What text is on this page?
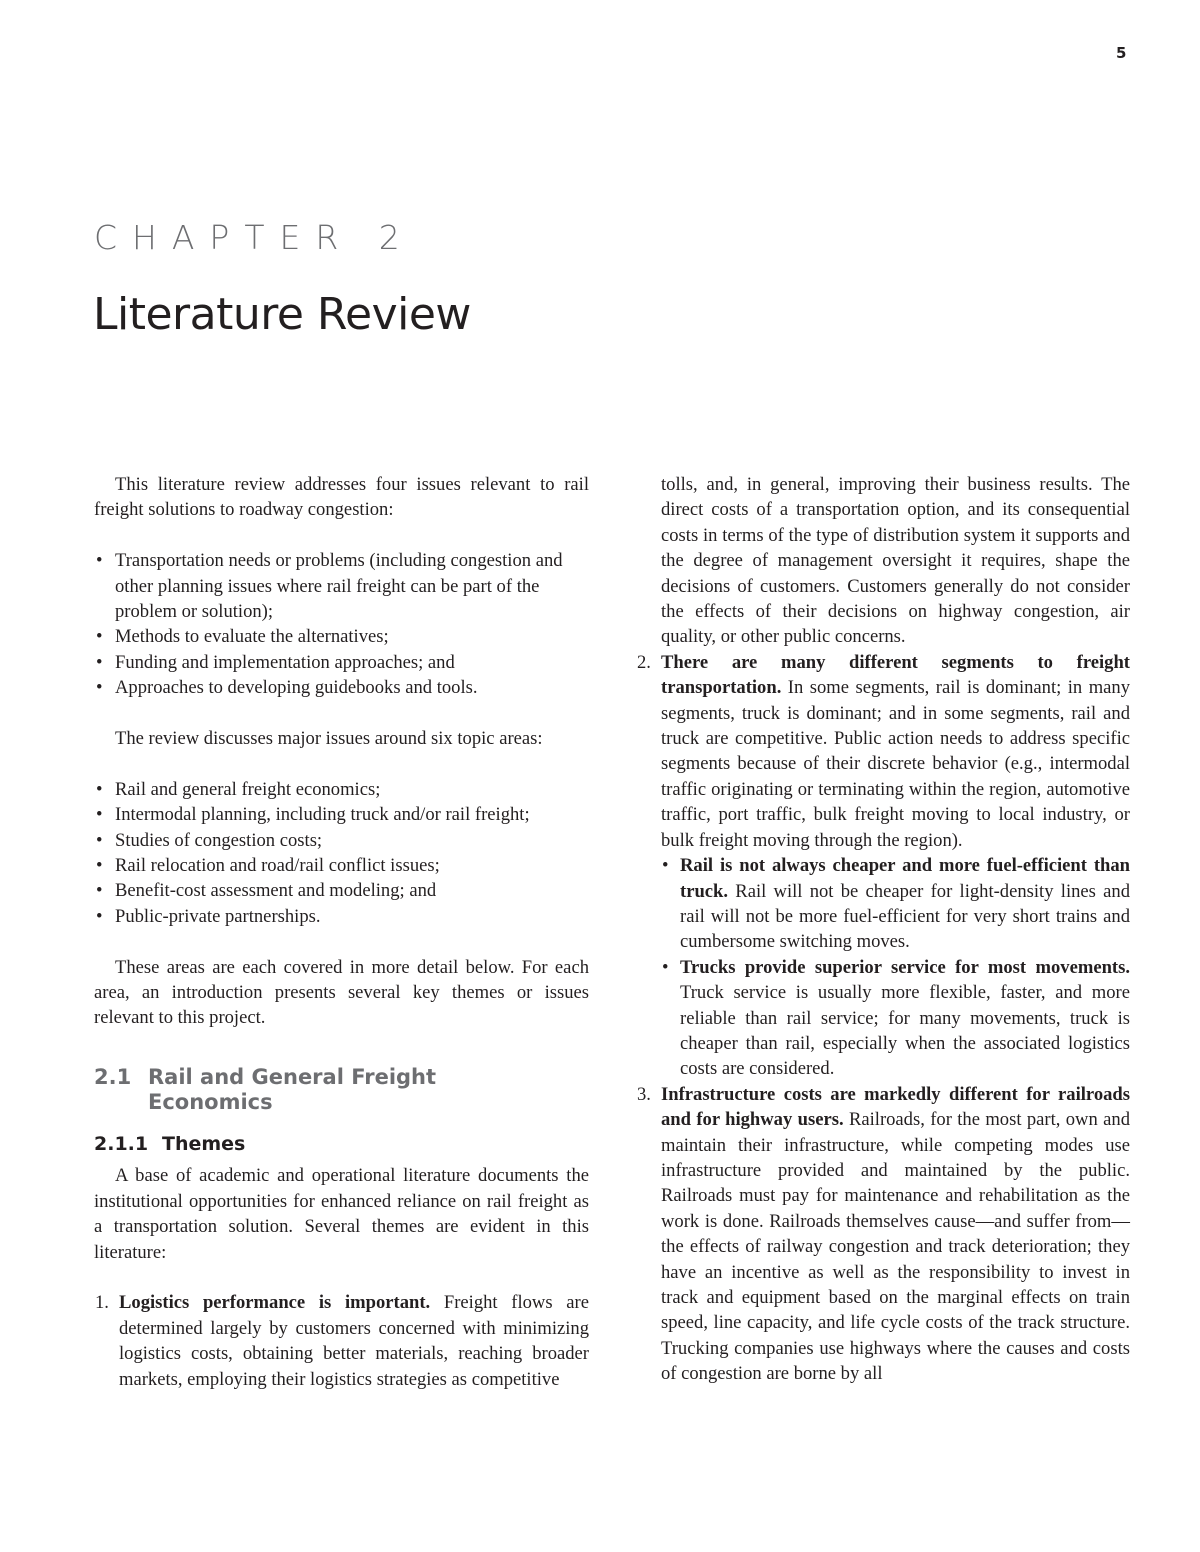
5
CHAPTER 2
Literature Review

This literature review addresses four issues relevant to rail freight solutions to roadway congestion:

• Transportation needs or problems (including congestion and other planning issues where rail freight can be part of the problem or solution);
• Methods to evaluate the alternatives;
• Funding and implementation approaches; and
• Approaches to developing guidebooks and tools.

The review discusses major issues around six topic areas:

• Rail and general freight economics;
• Intermodal planning, including truck and/or rail freight;
• Studies of congestion costs;
• Rail relocation and road/rail conflict issues;
• Benefit-cost assessment and modeling; and
• Public-private partnerships.

These areas are each covered in more detail below. For each area, an introduction presents several key themes or issues relevant to this project.

2.1 Rail and General Freight Economics
2.1.1 Themes

A base of academic and operational literature documents the institutional opportunities for enhanced reliance on rail freight as a transportation solution. Several themes are evident in this literature:

1. Logistics performance is important. Freight flows are determined largely by customers concerned with minimizing logistics costs, obtaining better materials, reaching broader markets, employing their logistics strategies as competitive

tolls, and, in general, improving their business results. The direct costs of a transportation option, and its consequential costs in terms of the type of distribution system it supports and the degree of management oversight it requires, shape the decisions of customers. Customers generally do not consider the effects of their decisions on highway congestion, air quality, or other public concerns.

2. There are many different segments to freight transportation. In some segments, rail is dominant; in many segments, truck is dominant; and in some segments, rail and truck are competitive. Public action needs to address specific segments because of their discrete behavior (e.g., intermodal traffic originating or terminating within the region, automotive traffic, port traffic, bulk freight moving to local industry, or bulk freight moving through the region).
• Rail is not always cheaper and more fuel-efficient than truck. Rail will not be cheaper for light-density lines and rail will not be more fuel-efficient for very short trains and cumbersome switching moves.
• Trucks provide superior service for most movements. Truck service is usually more flexible, faster, and more reliable than rail service; for many movements, truck is cheaper than rail, especially when the associated logistics costs are considered.
3. Infrastructure costs are markedly different for railroads and for highway users. Railroads, for the most part, own and maintain their infrastructure, while competing modes use infrastructure provided and maintained by the public. Railroads must pay for maintenance and rehabilitation as the work is done. Railroads themselves cause—and suffer from—the effects of railway congestion and track deterioration; they have an incentive as well as the responsibility to invest in track and equipment based on the marginal effects on train speed, line capacity, and life cycle costs of the track structure. Trucking companies use highways where the causes and costs of congestion are borne by all
